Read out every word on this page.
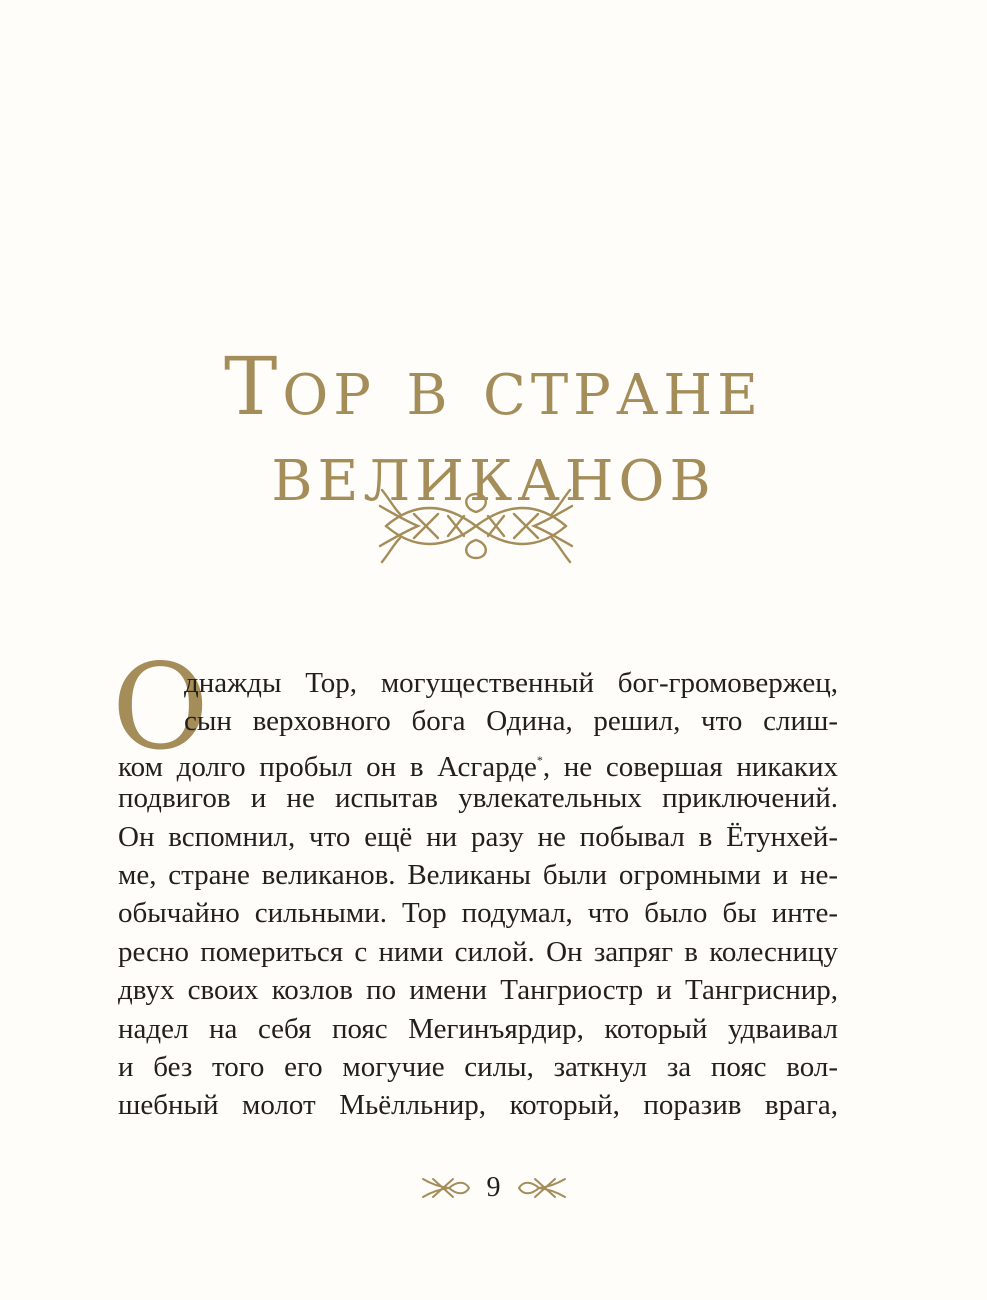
Тор в стране
великанов
О
днажды Тор, могущественный бог-громовержец,
сын верховного бога Одина, решил, что слиш-
ком долго пробыл он в Асгарде*, не совершая никаких
подвигов и не испытав увлекательных приключений.
Он вспомнил, что ещё ни разу не побывал в Ётунхей-
ме, стране великанов. Великаны были огромными и не-
обычайно сильными. Тор подумал, что было бы инте-
ресно помериться с ними силой. Он запряг в колесницу
двух своих козлов по имени Тангриостр и Тангриснир,
надел на себя пояс Мегинъярдир, который удваивал
и без того его могучие силы, заткнул за пояс вол-
шебный молот Мьёлльнир, который, поразив врага,
9
